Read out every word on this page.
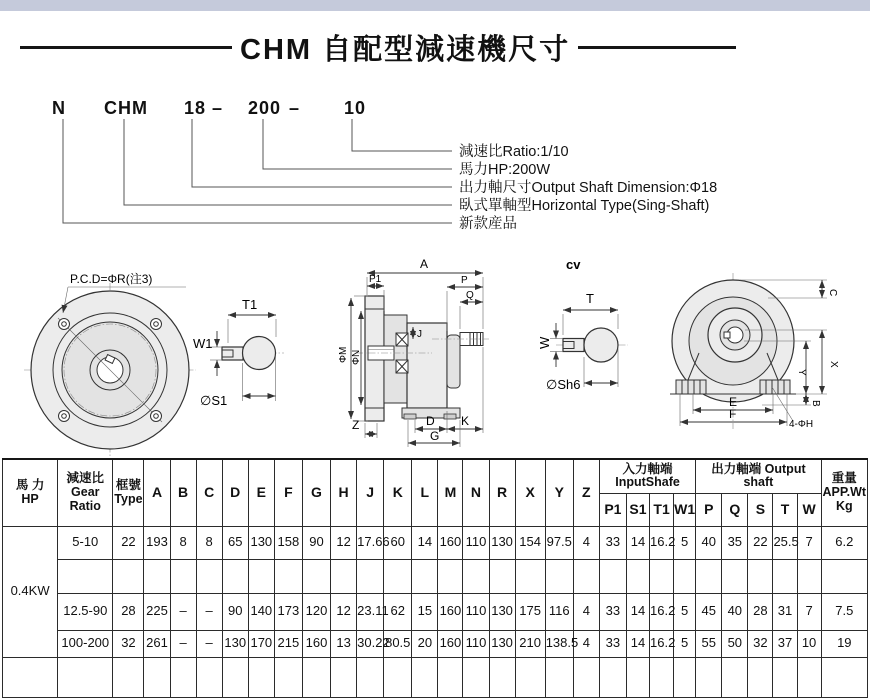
CHM 自配型減速機尺寸
N CHM 18 – 200 – 10
減速比Ratio:1/10
馬力HP:200W
出力軸尺寸Output Shaft Dimension:Φ18
臥式單軸型Horizontal Type(Sing-Shaft)
新款産品
P.C.D=ΦR(注3)
T1
W1
∅S1
A
P1	P
Q
J
ΦM ΦN
Z	D K
G
cv
T
W
∅Sh6
C
X
Y
B
E
F
4-ΦH
馬 力
HP	減速比
Gear
Ratio	框號
Type	A	B	C	D	E	F	G	H	J	K	L	M	N	R	X	Y	Z	入力軸端InputShafe				出力軸端 Output shaft					重量
APP.Wt
Kg
																				P1	S1	T1	W1	P	Q	S	T	W	
0.4KW	5-10	22	193	8	8	65	130	158	90	12	17.66	60	14	160	110	130	154	97.5	4	33	14	16.2	5	40	35	22	25.5	7	6.2

	12.5-90	28	225	–	–	90	140	173	120	12	23.11	62	15	160	110	130	175	116	4	33	14	16.2	5	45	40	28	31	7	7.5
	100-200	32	261	–	–	130	170	215	160	13	30.22	80.5	20	160	110	130	210	138.5	4	33	14	16.2	5	55	50	32	37	10	19
